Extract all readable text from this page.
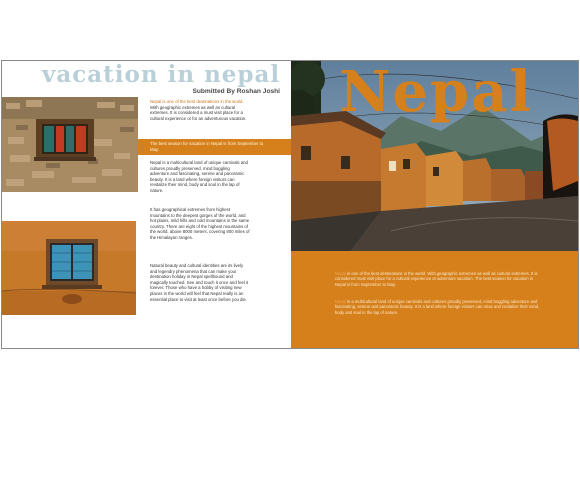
vacation in nepal
Submitted By Roshan Joshi
The best season for vacation in Nepal is from September to May.
Nepal is one of the best destinations in the world. With geographic extremes as well as cultural extremes. It is considered a must visit place for a cultural experience or for an adventurous vacation.
Nepal is a multicultural land of unique carnivals and cultures proudly preserved, mind boggling adventure and fascinating, serene and panoramic beauty. It is a land where foreign visitors can revitalize their mind, body and soul in the lap of nature.
It has geographical extremes from highest mountains to the deepest gorges of the world, and hot plains, mild hills and cold mountains in the same country. There are eight of the highest mountains of the world, above 8000 meters, covering 800 miles of the Himalayan ranges.
Natural beauty and cultural identities are its lively and legendry phenomena that can make your destination holiday in Nepal spellbound and magically touched. See and touch it once and feel it forever. Those who have a hobby of visiting new places in the world will feel that Nepal really is an essential place to visit at least once before you die.
Nepal
Nepal is one of the best destinations in the world. With geographic extremes as well as cultural extremes. It is considered must visit place for a cultural experience or adventure vacation. The best season for vacation in Nepal is from September to May.
Nepal is a multicultural land of unique carnivals and cultures proudly preserved, mind boggling adventure and fascinating, serene and panoramic beauty. It is a land where foreign visitors can relax and revitalize their mind, body and soul in the lap of nature.
